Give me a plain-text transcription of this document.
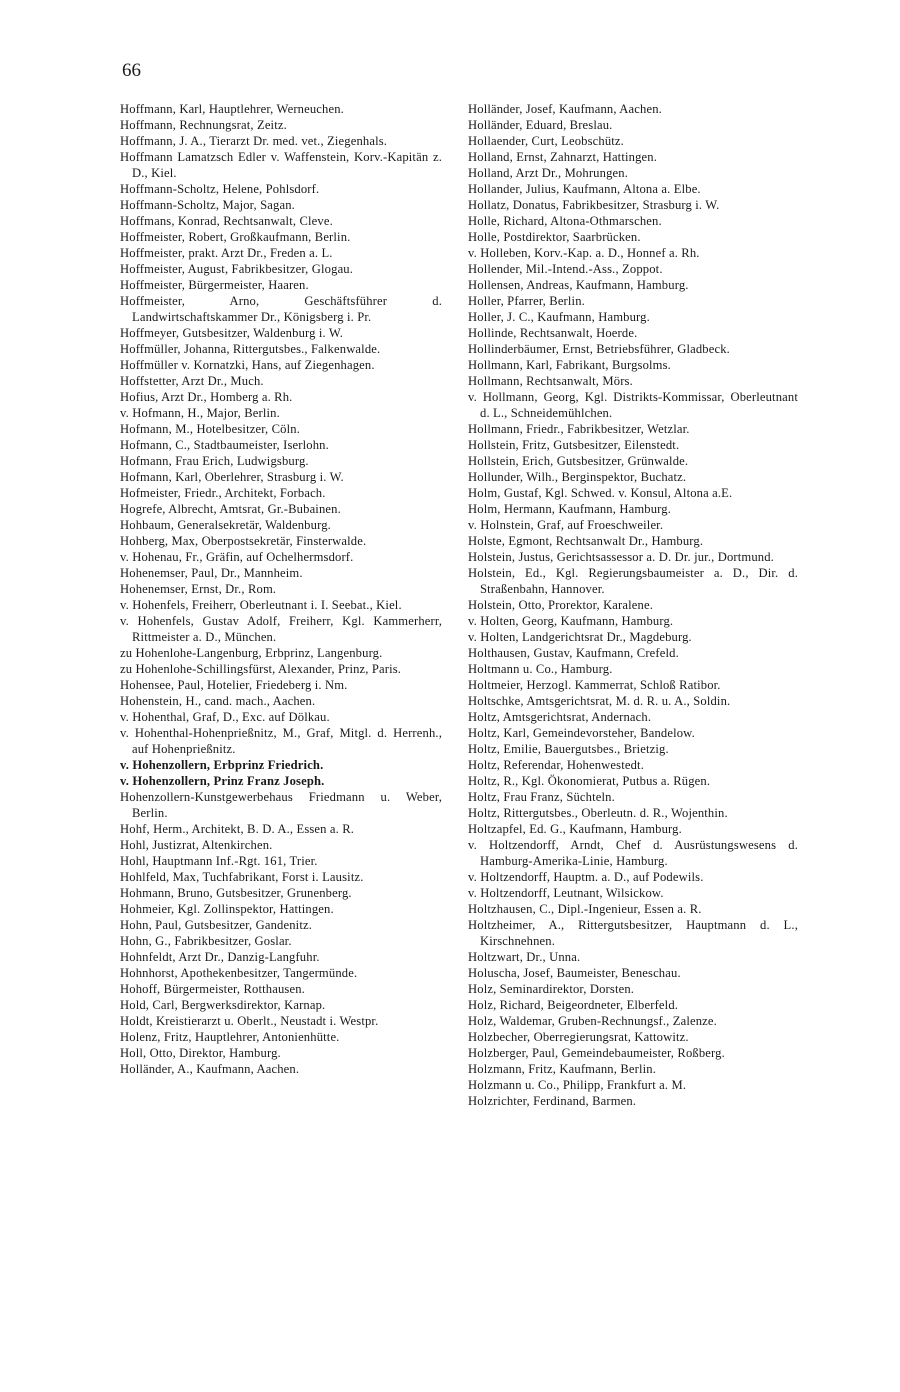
66

Hoffmann, Karl, Hauptlehrer, Werneuchen.

Hoffmann, Rechnungsrat, Zeitz.

Hoffmann, J. A., Tierarzt Dr. med. vet., Ziegenhals.

Hoffmann Lamatzsch Edler v. Waffenstein, Korv.-Kapitän z. D., Kiel.

Hoffmann-Scholtz, Helene, Pohlsdorf.

Hoffmann-Scholtz, Major, Sagan.

Hoffmans, Konrad, Rechtsanwalt, Cleve.

Hoffmeister, Robert, Großkaufmann, Berlin.

Hoffmeister, prakt. Arzt Dr., Freden a. L.

Hoffmeister, August, Fabrikbesitzer, Glogau.

Hoffmeister, Bürgermeister, Haaren.

Hoffmeister, Arno, Geschäftsführer d. Landwirtschaftskammer Dr., Königsberg i. Pr.

Hoffmeyer, Gutsbesitzer, Waldenburg i. W.

Hoffmüller, Johanna, Rittergutsbes., Falkenwalde.

Hoffmüller v. Kornatzki, Hans, auf Ziegenhagen.

Hoffstetter, Arzt Dr., Much.

Hofius, Arzt Dr., Homberg a. Rh.

v. Hofmann, H., Major, Berlin.

Hofmann, M., Hotelbesitzer, Cöln.

Hofmann, C., Stadtbaumeister, Iserlohn.

Hofmann, Frau Erich, Ludwigsburg.

Hofmann, Karl, Oberlehrer, Strasburg i. W.

Hofmeister, Friedr., Architekt, Forbach.

Hogrefe, Albrecht, Amtsrat, Gr.-Bubainen.

Hohbaum, Generalsekretär, Waldenburg.

Hohberg, Max, Oberpostsekretär, Finsterwalde.

v. Hohenau, Fr., Gräfin, auf Ochelhermsdorf.

Hohenemser, Paul, Dr., Mannheim.

Hohenemser, Ernst, Dr., Rom.

v. Hohenfels, Freiherr, Oberleutnant i. I. Seebat., Kiel.

v. Hohenfels, Gustav Adolf, Freiherr, Kgl. Kammerherr, Rittmeister a. D., München.

zu Hohenlohe-Langenburg, Erbprinz, Langenburg.

zu Hohenlohe-Schillingsfürst, Alexander, Prinz, Paris.

Hohensee, Paul, Hotelier, Friedeberg i. Nm.

Hohenstein, H., cand. mach., Aachen.

v. Hohenthal, Graf, D., Exc. auf Dölkau.

v. Hohenthal-Hohenprießnitz, M., Graf, Mitgl. d. Herrenh., auf Hohenprießnitz.

v. Hohenzollern, Erbprinz Friedrich.

v. Hohenzollern, Prinz Franz Joseph.

Hohenzollern-Kunstgewerbehaus Friedmann u. Weber, Berlin.

Hohf, Herm., Architekt, B. D. A., Essen a. R.

Hohl, Justizrat, Altenkirchen.

Hohl, Hauptmann Inf.-Rgt. 161, Trier.

Hohlfeld, Max, Tuchfabrikant, Forst i. Lausitz.

Hohmann, Bruno, Gutsbesitzer, Grunenberg.

Hohmeier, Kgl. Zollinspektor, Hattingen.

Hohn, Paul, Gutsbesitzer, Gandenitz.

Hohn, G., Fabrikbesitzer, Goslar.

Hohnfeldt, Arzt Dr., Danzig-Langfuhr.

Hohnhorst, Apothekenbesitzer, Tangermünde.

Hohoff, Bürgermeister, Rotthausen.

Hold, Carl, Bergwerksdirektor, Karnap.

Holdt, Kreistierarzt u. Oberlt., Neustadt i. Westpr.

Holenz, Fritz, Hauptlehrer, Antonienhütte.

Holl, Otto, Direktor, Hamburg.

Holländer, A., Kaufmann, Aachen.

Holländer, Josef, Kaufmann, Aachen.

Holländer, Eduard, Breslau.

Hollaender, Curt, Leobschütz.

Holland, Ernst, Zahnarzt, Hattingen.

Holland, Arzt Dr., Mohrungen.

Hollander, Julius, Kaufmann, Altona a. Elbe.

Hollatz, Donatus, Fabrikbesitzer, Strasburg i. W.

Holle, Richard, Altona-Othmarschen.

Holle, Postdirektor, Saarbrücken.

v. Holleben, Korv.-Kap. a. D., Honnef a. Rh.

Hollender, Mil.-Intend.-Ass., Zoppot.

Hollensen, Andreas, Kaufmann, Hamburg.

Holler, Pfarrer, Berlin.

Holler, J. C., Kaufmann, Hamburg.

Hollinde, Rechtsanwalt, Hoerde.

Hollinderbäumer, Ernst, Betriebsführer, Gladbeck.

Hollmann, Karl, Fabrikant, Burgsolms.

Hollmann, Rechtsanwalt, Mörs.

v. Hollmann, Georg, Kgl. Distrikts-Kommissar, Oberleutnant d. L., Schneidemühlchen.

Hollmann, Friedr., Fabrikbesitzer, Wetzlar.

Hollstein, Fritz, Gutsbesitzer, Eilenstedt.

Hollstein, Erich, Gutsbesitzer, Grünwalde.

Hollunder, Wilh., Berginspektor, Buchatz.

Holm, Gustaf, Kgl. Schwed. v. Konsul, Altona a.E.

Holm, Hermann, Kaufmann, Hamburg.

v. Holnstein, Graf, auf Froeschweiler.

Holste, Egmont, Rechtsanwalt Dr., Hamburg.

Holstein, Justus, Gerichtsassessor a. D. Dr. jur., Dortmund.

Holstein, Ed., Kgl. Regierungsbaumeister a. D., Dir. d. Straßenbahn, Hannover.

Holstein, Otto, Prorektor, Karalene.

v. Holten, Georg, Kaufmann, Hamburg.

v. Holten, Landgerichtsrat Dr., Magdeburg.

Holthausen, Gustav, Kaufmann, Crefeld.

Holtmann u. Co., Hamburg.

Holtmeier, Herzogl. Kammerrat, Schloß Ratibor.

Holtschke, Amtsgerichtsrat, M. d. R. u. A., Soldin.

Holtz, Amtsgerichtsrat, Andernach.

Holtz, Karl, Gemeindevorsteher, Bandelow.

Holtz, Emilie, Bauergutsbes., Brietzig.

Holtz, Referendar, Hohenwestedt.

Holtz, R., Kgl. Ökonomierat, Putbus a. Rügen.

Holtz, Frau Franz, Süchteln.

Holtz, Rittergutsbes., Oberleutn. d. R., Wojenthin.

Holtzapfel, Ed. G., Kaufmann, Hamburg.

v. Holtzendorff, Arndt, Chef d. Ausrüstungswesens d. Hamburg-Amerika-Linie, Hamburg.

v. Holtzendorff, Hauptm. a. D., auf Podewils.

v. Holtzendorff, Leutnant, Wilsickow.

Holtzhausen, C., Dipl.-Ingenieur, Essen a. R.

Holtzheimer, A., Rittergutsbesitzer, Hauptmann d. L., Kirschnehnen.

Holtzwart, Dr., Unna.

Holuscha, Josef, Baumeister, Beneschau.

Holz, Seminardirektor, Dorsten.

Holz, Richard, Beigeordneter, Elberfeld.

Holz, Waldemar, Gruben-Rechnungsf., Zalenze.

Holzbecher, Oberregierungsrat, Kattowitz.

Holzberger, Paul, Gemeindebaumeister, Roßberg.

Holzmann, Fritz, Kaufmann, Berlin.

Holzmann u. Co., Philipp, Frankfurt a. M.

Holzrichter, Ferdinand, Barmen.
